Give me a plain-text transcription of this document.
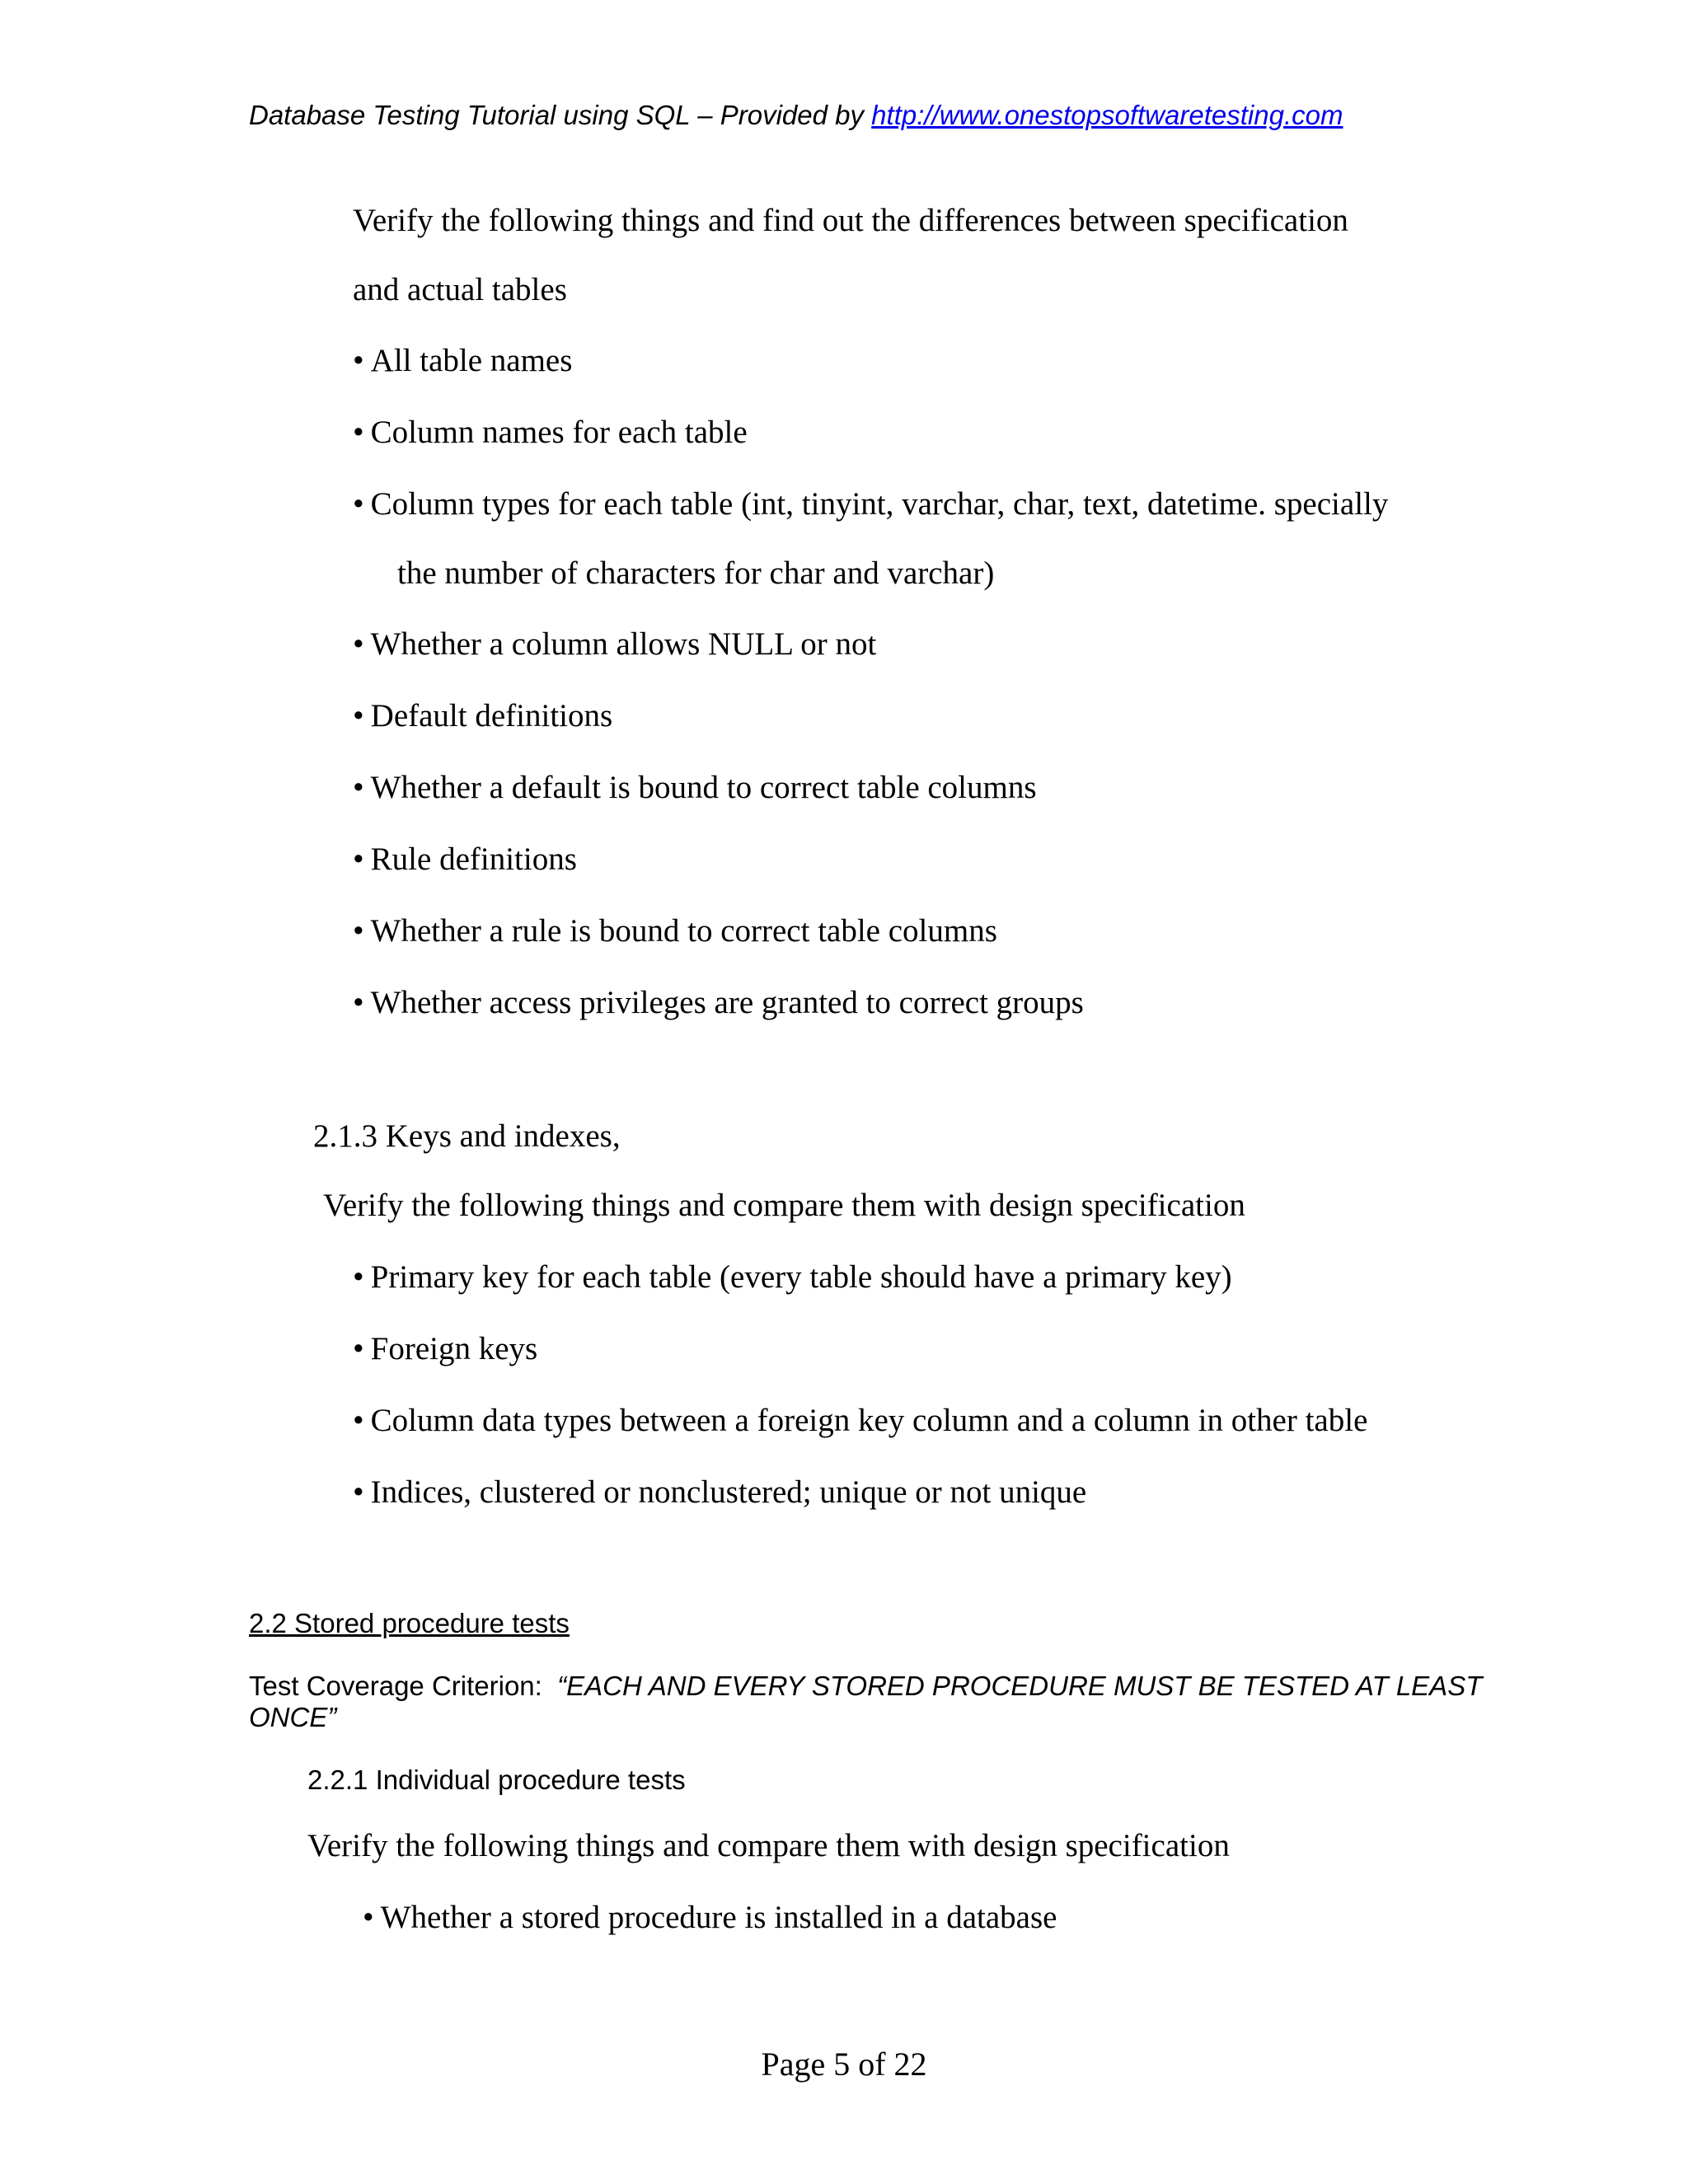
Database Testing Tutorial using SQL – Provided by http://www.onestopsoftwaretesting.com
Verify the following things and find out the differences between specification
and actual tables
• All table names
• Column names for each table
• Column types for each table (int, tinyint, varchar, char, text, datetime. specially
the number of characters for char and varchar)
• Whether a column allows NULL or not
• Default definitions
• Whether a default is bound to correct table columns
• Rule definitions
• Whether a rule is bound to correct table columns
• Whether access privileges are granted to correct groups
2.1.3 Keys and indexes,
Verify the following things and compare them with design specification
• Primary key for each table (every table should have a primary key)
• Foreign keys
• Column data types between a foreign key column and a column in other table
• Indices, clustered or nonclustered; unique or not unique
2.2 Stored procedure tests
Test Coverage Criterion: “EACH AND EVERY STORED PROCEDURE MUST BE TESTED AT LEAST
ONCE”
2.2.1 Individual procedure tests
Verify the following things and compare them with design specification
• Whether a stored procedure is installed in a database
Page 5 of 22
